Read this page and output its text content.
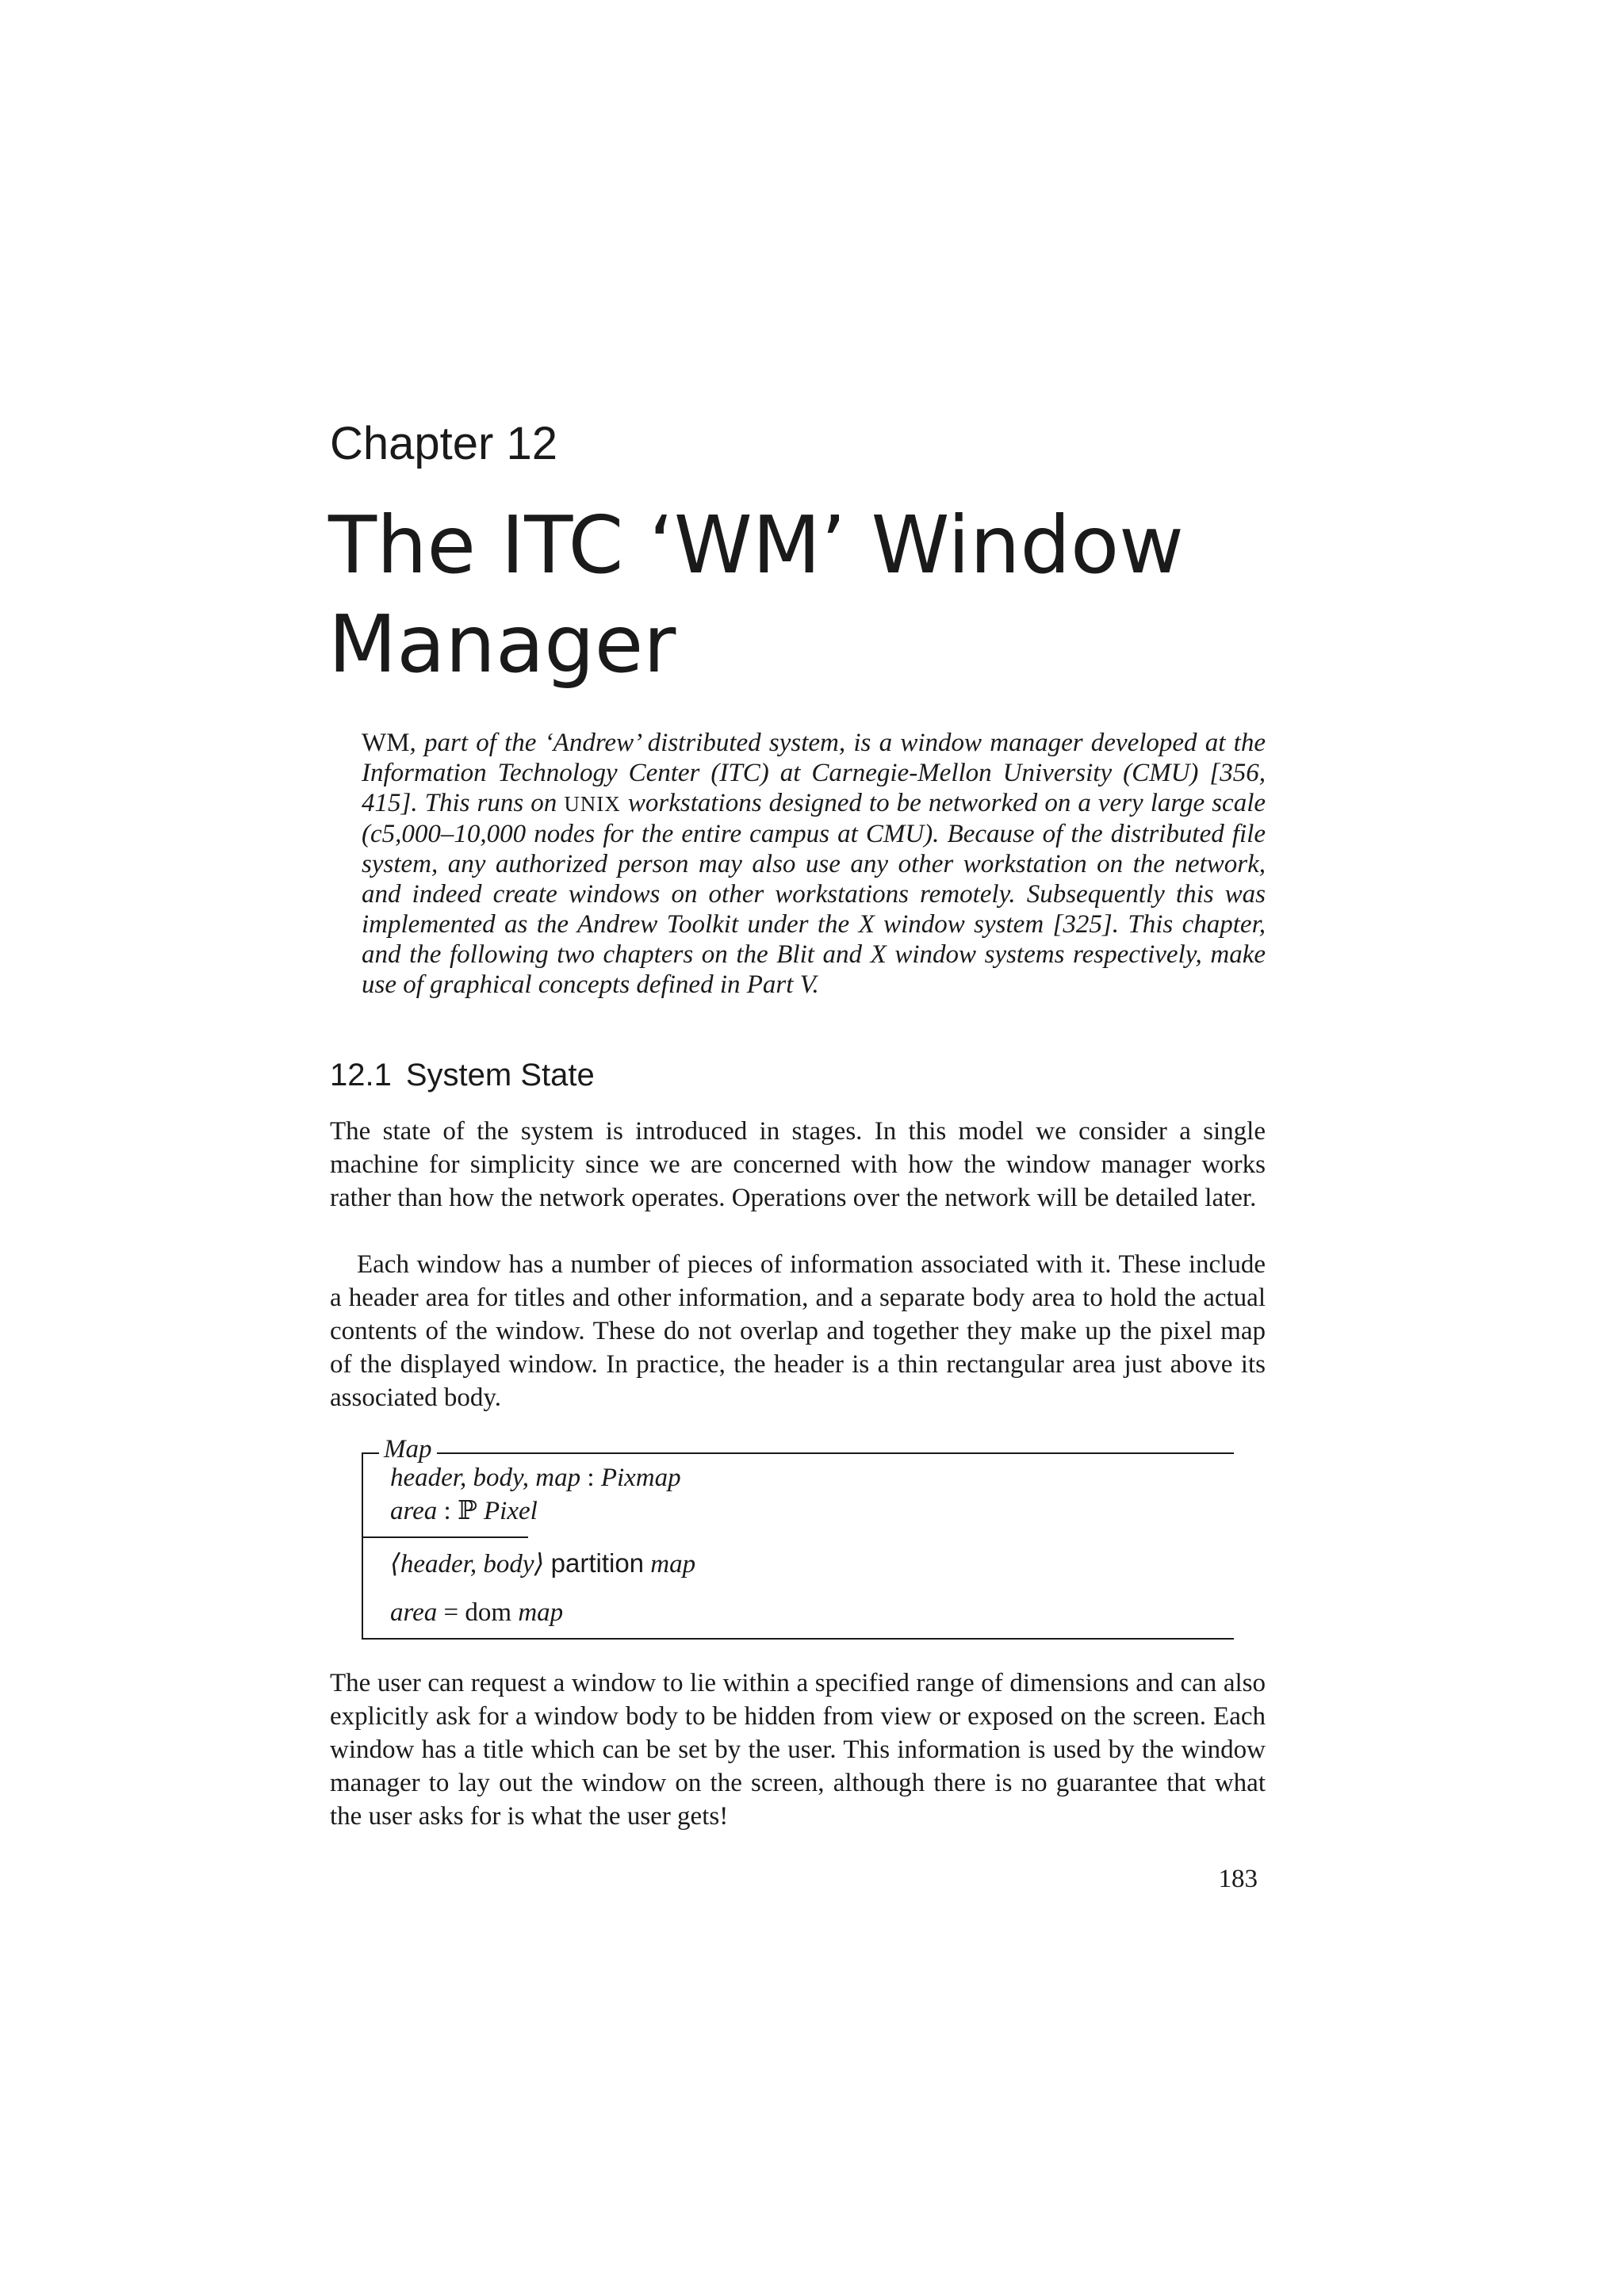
Chapter 12
The ITC ‘WM’ Window
Manager

WM, part of the ‘Andrew’ distributed system, is a window manager developed at the Information Technology Center (ITC) at Carnegie-Mellon University (CMU) [356, 415]. This runs on UNIX workstations designed to be networked on a very large scale (c5,000–10,000 nodes for the entire campus at CMU). Because of the distributed file system, any authorized person may also use any other workstation on the network, and indeed create windows on other workstations remotely. Subsequently this was implemented as the Andrew Toolkit under the X window system [325]. This chapter, and the following two chapters on the Blit and X window systems respectively, make use of graphical concepts defined in Part V.

12.1 System State

The state of the system is introduced in stages. In this model we consider a single machine for simplicity since we are concerned with how the window manager works rather than how the network operates. Operations over the network will be detailed later.

Each window has a number of pieces of information associated with it. These include a header area for titles and other information, and a separate body area to hold the actual contents of the window. These do not overlap and together they make up the pixel map of the displayed window. In practice, the header is a thin rectangular area just above its associated body.

Map
header, body, map : Pixmap
area : ℙ Pixel
⟨header, body⟩ partition map
area = dom map

The user can request a window to lie within a specified range of dimensions and can also explicitly ask for a window body to be hidden from view or exposed on the screen. Each window has a title which can be set by the user. This information is used by the window manager to lay out the window on the screen, although there is no guarantee that what the user asks for is what the user gets!

183
